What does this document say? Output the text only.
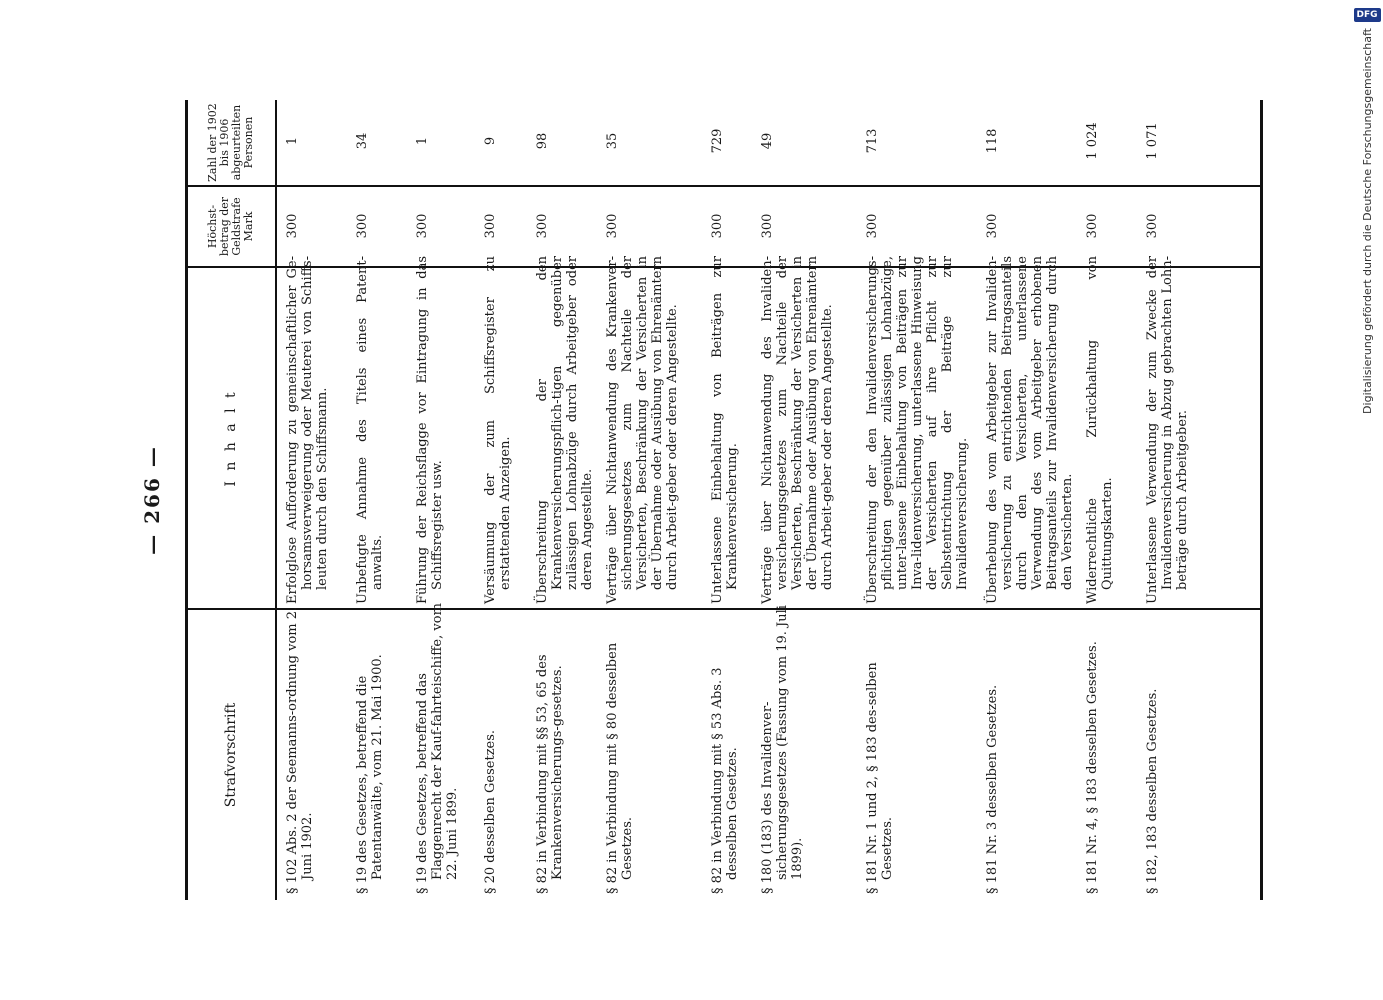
— 266 —
Strafvorschrift
I n h a l t
Höchst-betrag der Geldstrafe Mark
Zahl der 1902 bis 1906 abgeurteilten Personen
§ 102 Abs. 2 der Seemanns-ordnung vom 2. Juni 1902.
Erfolglose Aufforderung zu gemeinschaftlicher Ge-horsamsverweigerung oder Meuterei von Schiffs-leuten durch den Schiffsmann.
300
1
§ 19 des Gesetzes, betreffend die Patentanwälte, vom 21. Mai 1900.
Unbefugte Annahme des Titels eines Patent-anwalts.
300
34
§ 19 des Gesetzes, betreffend das Flaggenrecht der Kauf-fahrteischiffe, vom 22. Juni 1899.
Führung der Reichsflagge vor Eintragung in das Schiffsregister usw.
300
1
§ 20 desselben Gesetzes.
Versäumung der zum Schiffsregister zu erstattenden Anzeigen.
300
9
§ 82 in Verbindung mit §§ 53, 65 des Krankenversicherungs-gesetzes.
Überschreitung der den Krankenversicherungspflich-tigen gegenüber zulässigen Lohnabzüge durch Arbeitgeber oder deren Angestellte.
300
98
§ 82 in Verbindung mit § 80 desselben Gesetzes.
Verträge über Nichtanwendung des Krankenver-sicherungsgesetzes zum Nachteile der Versicherten, Beschränkung der Versicherten in der Übernahme oder Ausübung von Ehrenämtern durch Arbeit-geber oder deren Angestellte.
300
35
§ 82 in Verbindung mit § 53 Abs. 3 desselben Gesetzes.
Unterlassene Einbehaltung von Beiträgen zur Krankenversicherung.
300
729
§ 180 (183) des Invalidenver-sicherungsgesetzes (Fassung vom 19. Juli 1899).
Verträge über Nichtanwendung des Invaliden-versicherungsgesetzes zum Nachteile der Versicherten, Beschränkung der Versicherten in der Übernahme oder Ausübung von Ehrenämtern durch Arbeit-geber oder deren Angestellte.
300
49
§ 181 Nr. 1 und 2, § 183 des-selben Gesetzes.
Überschreitung der den Invalidenversicherungs-pflichtigen gegenüber zulässigen Lohnabzüge, unter-lassene Einbehaltung von Beiträgen zur Inva-lidenversicherung, unterlassene Hinweisung der Versicherten auf ihre Pflicht zur Selbstentrichtung der Beiträge zur Invalidenversicherung.
300
713
§ 181 Nr. 3 desselben Gesetzes.
Überhebung des vom Arbeitgeber zur Invaliden-versicherung zu entrichtenden Beitragsanteils durch den Versicherten, unterlassene Verwendung des vom Arbeitgeber erhobenen Beitragsanteils zur Invalidenversicherung durch den Versicherten.
300
118
§ 181 Nr. 4, § 183 desselben Gesetzes.
Widerrechtliche Zurückhaltung von Quittungskarten.
300
1 024
§ 182, 183 desselben Gesetzes.
Unterlassene Verwendung der zum Zwecke der Invalidenversicherung in Abzug gebrachten Lohn-beträge durch Arbeitgeber.
300
1 071
DFG
Digitalisierung gefördert durch die Deutsche Forschungsgemeinschaft
